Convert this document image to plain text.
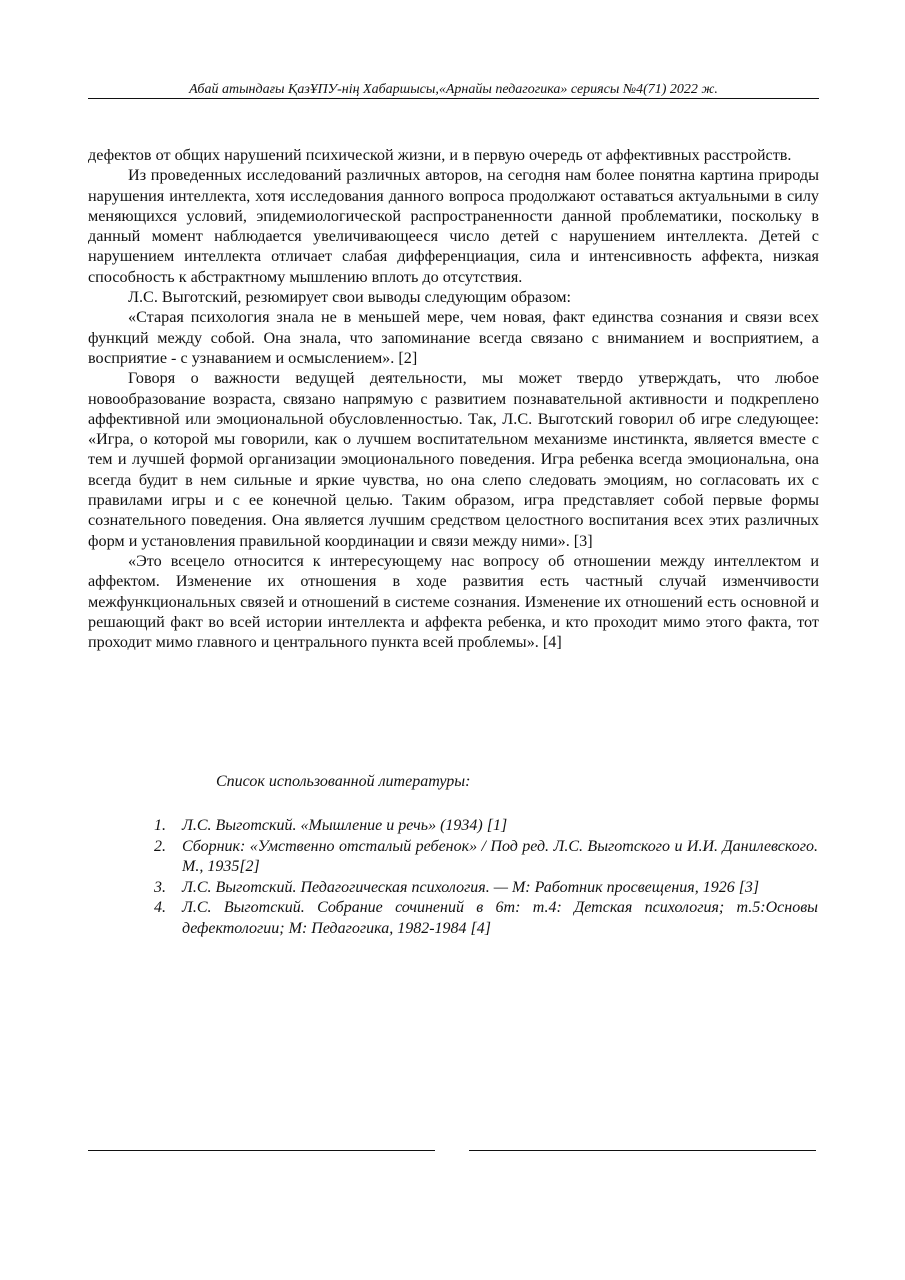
Абай атындағы ҚазҰПУ-нің Хабаршысы,«Арнайы педагогика» сериясы №4(71) 2022 ж.

дефектов от общих нарушений психической жизни, и в первую очередь от аффективных расстройств.

Из проведенных исследований различных авторов, на сегодня нам более понятна картина природы нарушения интеллекта, хотя исследования данного вопроса продолжают оставаться актуальными в силу меняющихся условий, эпидемиологической распространенности данной проблематики, поскольку в данный момент наблюдается увеличивающееся число детей с нарушением интеллекта. Детей с нарушением интеллекта отличает слабая дифференциация, сила и интенсивность аффекта, низкая способность к абстрактному мышлению вплоть до отсутствия.

Л.С. Выготский, резюмирует свои выводы следующим образом:

«Старая психология знала не в меньшей мере, чем новая, факт единства сознания и связи всех функций между собой. Она знала, что запоминание всегда связано с вниманием и восприятием, а восприятие - с узнаванием и осмыслением». [2]

Говоря о важности ведущей деятельности, мы может твердо утверждать, что любое новообразование возраста, связано напрямую с развитием познавательной активности и подкреплено аффективной или эмоциональной обусловленностью. Так, Л.С. Выготский говорил об игре следующее: «Игра, о которой мы говорили, как о лучшем воспитательном механизме инстинкта, является вместе с тем и лучшей формой организации эмоционального поведения. Игра ребенка всегда эмоциональна, она всегда будит в нем сильные и яркие чувства, но она слепо следовать эмоциям, но согласовать их с правилами игры и с ее конечной целью. Таким образом, игра представляет собой первые формы сознательного поведения. Она является лучшим средством целостного воспитания всех этих различных форм и установления правильной координации и связи между ними». [3]

«Это всецело относится к интересующему нас вопросу об отношении между интеллектом и аффектом. Изменение их отношения в ходе развития есть частный случай изменчивости межфункциональных связей и отношений в системе сознания. Изменение их отношений есть основной и решающий факт во всей истории интеллекта и аффекта ребенка, и кто проходит мимо этого факта, тот проходит мимо главного и центрального пункта всей проблемы». [4]

Список использованной литературы:
1. Л.С. Выготский. «Мышление и речь» (1934) [1]
2. Сборник: «Умственно отсталый ребенок» / Под ред. Л.С. Выготского и И.И. Данилевского. М., 1935[2]
3. Л.С. Выготский. Педагогическая психология. — М: Работник просвещения, 1926 [3]
4. Л.С. Выготский. Собрание сочинений в 6т: т.4: Детская психология; т.5:Основы дефектологии; М: Педагогика, 1982-1984 [4]
